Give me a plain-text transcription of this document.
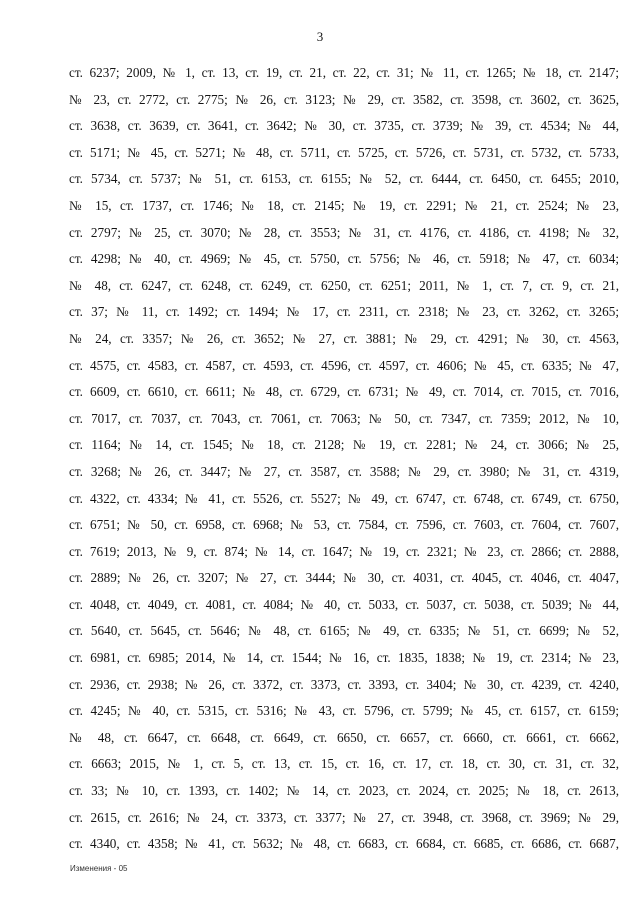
3
ст. 6237; 2009, № 1, ст. 13, ст. 19, ст. 21, ст. 22, ст. 31; № 11, ст. 1265; № 18, ст. 2147;
№ 23, ст. 2772, ст. 2775; № 26, ст. 3123; № 29, ст. 3582, ст. 3598, ст. 3602, ст. 3625,
ст. 3638, ст. 3639, ст. 3641, ст. 3642; № 30, ст. 3735, ст. 3739; № 39, ст. 4534; № 44,
ст. 5171; № 45, ст. 5271; № 48, ст. 5711, ст. 5725, ст. 5726, ст. 5731, ст. 5732, ст. 5733,
ст. 5734, ст. 5737; № 51, ст. 6153, ст. 6155; № 52, ст. 6444, ст. 6450, ст. 6455; 2010,
№ 15, ст. 1737, ст. 1746; № 18, ст. 2145; № 19, ст. 2291; № 21, ст. 2524; № 23,
ст. 2797; № 25, ст. 3070; № 28, ст. 3553; № 31, ст. 4176, ст. 4186, ст. 4198; № 32,
ст. 4298; № 40, ст. 4969; № 45, ст. 5750, ст. 5756; № 46, ст. 5918; № 47, ст. 6034;
№ 48, ст. 6247, ст. 6248, ст. 6249, ст. 6250, ст. 6251; 2011, № 1, ст. 7, ст. 9, ст. 21,
ст. 37; № 11, ст. 1492; ст. 1494; № 17, ст. 2311, ст. 2318; № 23, ст. 3262, ст. 3265;
№ 24, ст. 3357; № 26, ст. 3652; № 27, ст. 3881; № 29, ст. 4291; № 30, ст. 4563,
ст. 4575, ст. 4583, ст. 4587, ст. 4593, ст. 4596, ст. 4597, ст. 4606; № 45, ст. 6335; № 47,
ст. 6609, ст. 6610, ст. 6611; № 48, ст. 6729, ст. 6731; № 49, ст. 7014, ст. 7015, ст. 7016,
ст. 7017, ст. 7037, ст. 7043, ст. 7061, ст. 7063; № 50, ст. 7347, ст. 7359; 2012, № 10,
ст. 1164; № 14, ст. 1545; № 18, ст. 2128; № 19, ст. 2281; № 24, ст. 3066; № 25,
ст. 3268; № 26, ст. 3447; № 27, ст. 3587, ст. 3588; № 29, ст. 3980; № 31, ст. 4319,
ст. 4322, ст. 4334; № 41, ст. 5526, ст. 5527; № 49, ст. 6747, ст. 6748, ст. 6749, ст. 6750,
ст. 6751; № 50, ст. 6958, ст. 6968; № 53, ст. 7584, ст. 7596, ст. 7603, ст. 7604, ст. 7607,
ст. 7619; 2013, № 9, ст. 874; № 14, ст. 1647; № 19, ст. 2321; № 23, ст. 2866; ст. 2888,
ст. 2889; № 26, ст. 3207; № 27, ст. 3444; № 30, ст. 4031, ст. 4045, ст. 4046, ст. 4047,
ст. 4048, ст. 4049, ст. 4081, ст. 4084; № 40, ст. 5033, ст. 5037, ст. 5038, ст. 5039; № 44,
ст. 5640, ст. 5645, ст. 5646; № 48, ст. 6165; № 49, ст. 6335; № 51, ст. 6699; № 52,
ст. 6981, ст. 6985; 2014, № 14, ст. 1544; № 16, ст. 1835, 1838; № 19, ст. 2314; № 23,
ст. 2936, ст. 2938; № 26, ст. 3372, ст. 3373, ст. 3393, ст. 3404; № 30, ст. 4239, ст. 4240,
ст. 4245; № 40, ст. 5315, ст. 5316; № 43, ст. 5796, ст. 5799; № 45, ст. 6157, ст. 6159;
№ 48, ст. 6647, ст. 6648, ст. 6649, ст. 6650, ст. 6657, ст. 6660, ст. 6661, ст. 6662,
ст. 6663; 2015, № 1, ст. 5, ст. 13, ст. 15, ст. 16, ст. 17, ст. 18, ст. 30, ст. 31, ст. 32,
ст. 33; № 10, ст. 1393, ст. 1402; № 14, ст. 2023, ст. 2024, ст. 2025; № 18, ст. 2613,
ст. 2615, ст. 2616; № 24, ст. 3373, ст. 3377; № 27, ст. 3948, ст. 3968, ст. 3969; № 29,
ст. 4340, ст. 4358; № 41, ст. 5632; № 48, ст. 6683, ст. 6684, ст. 6685, ст. 6686, ст. 6687,
Изменения - 05
